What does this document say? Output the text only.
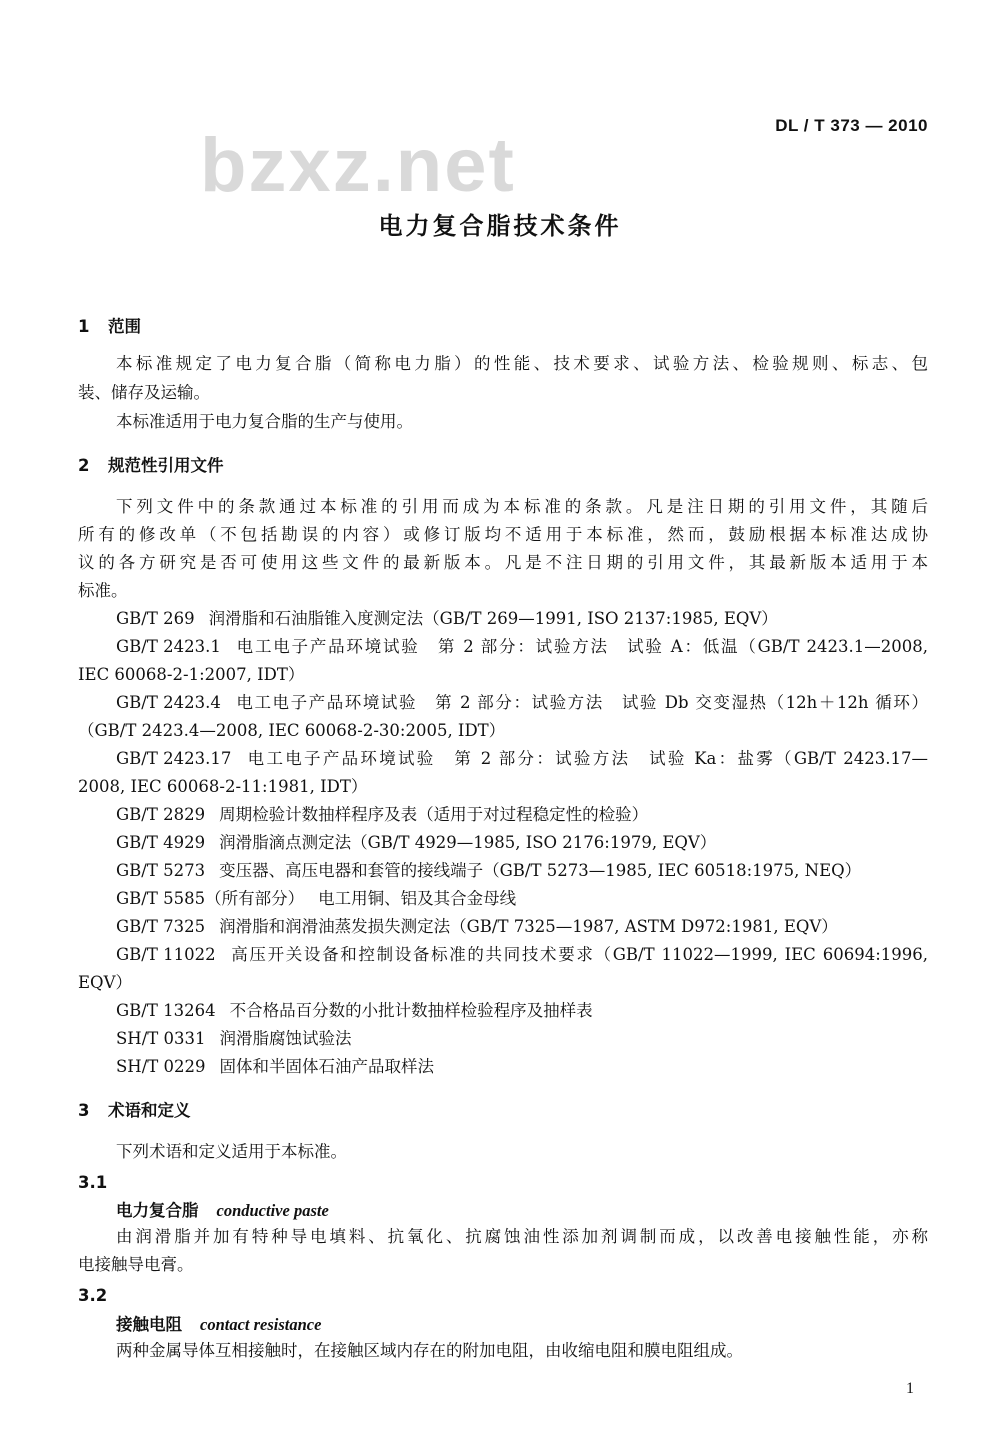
DL / T 373 — 2010
bzxz.net
电力复合脂技术条件
1 范围
本标准规定了电力复合脂（简称电力脂）的性能、技术要求、试验方法、检验规则、标志、包
装、储存及运输。
本标准适用于电力复合脂的生产与使用。
2 规范性引用文件
下列文件中的条款通过本标准的引用而成为本标准的条款。凡是注日期的引用文件，其随后
所有的修改单（不包括勘误的内容）或修订版均不适用于本标准，然而，鼓励根据本标准达成协
议的各方研究是否可使用这些文件的最新版本。凡是不注日期的引用文件，其最新版本适用于本
标准。
GB/T 269 润滑脂和石油脂锥入度测定法（GB/T 269—1991, ISO 2137:1985, EQV）
GB/T 2423.1 电工电子产品环境试验　第 2 部分：试验方法　试验 A：低温（GB/T 2423.1—2008,
IEC 60068-2-1:2007, IDT）
GB/T 2423.4 电工电子产品环境试验　第 2 部分：试验方法　试验 Db 交变湿热（12h＋12h 循环）
（GB/T 2423.4—2008, IEC 60068-2-30:2005, IDT）
GB/T 2423.17 电工电子产品环境试验　第 2 部分：试验方法　试验 Ka：盐雾（GB/T 2423.17—
2008, IEC 60068-2-11:1981, IDT）
GB/T 2829 周期检验计数抽样程序及表（适用于对过程稳定性的检验）
GB/T 4929 润滑脂滴点测定法（GB/T 4929—1985, ISO 2176:1979, EQV）
GB/T 5273 变压器、高压电器和套管的接线端子（GB/T 5273—1985, IEC 60518:1975, NEQ）
GB/T 5585（所有部分） 电工用铜、铝及其合金母线
GB/T 7325 润滑脂和润滑油蒸发损失测定法（GB/T 7325—1987, ASTM D972:1981, EQV）
GB/T 11022 高压开关设备和控制设备标准的共同技术要求（GB/T 11022—1999, IEC 60694:1996,
EQV）
GB/T 13264 不合格品百分数的小批计数抽样检验程序及抽样表
SH/T 0331 润滑脂腐蚀试验法
SH/T 0229 固体和半固体石油产品取样法
3 术语和定义
下列术语和定义适用于本标准。
3.1
电力复合脂 conductive paste
由润滑脂并加有特种导电填料、抗氧化、抗腐蚀油性添加剂调制而成，以改善电接触性能，亦称
电接触导电膏。
3.2
接触电阻 contact resistance
两种金属导体互相接触时，在接触区域内存在的附加电阻，由收缩电阻和膜电阻组成。
1
